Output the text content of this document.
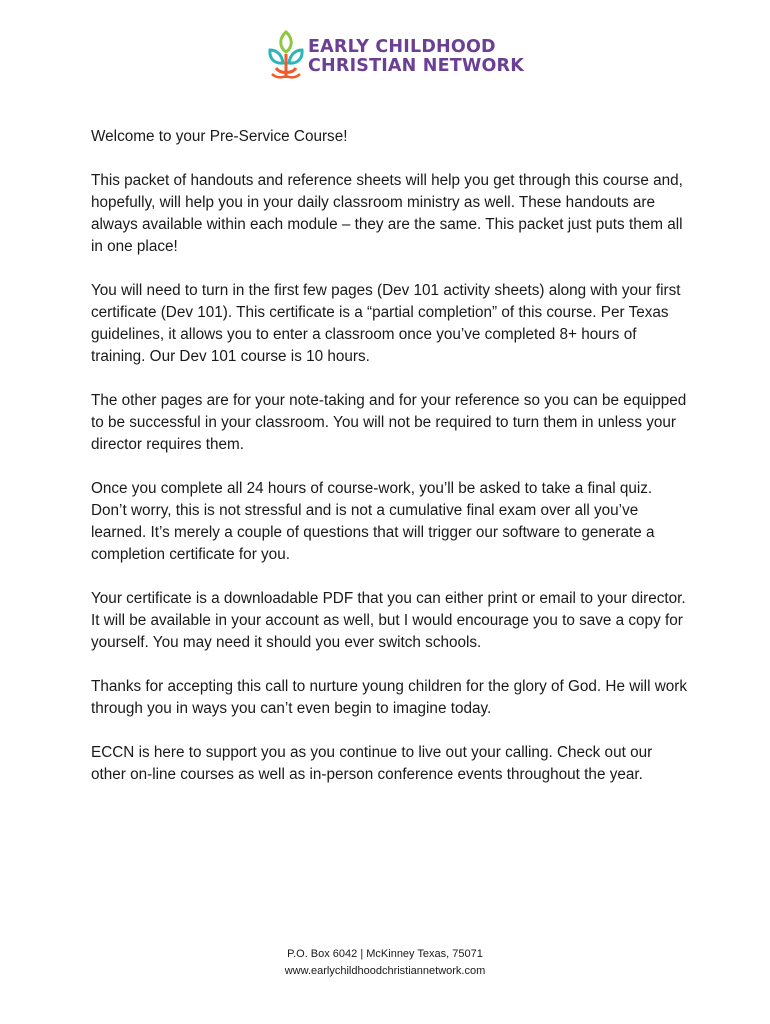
EARLY CHILDHOOD
CHRISTIAN NETWORK

Welcome to your Pre-Service Course!

This packet of handouts and reference sheets will help you get through this course and, hopefully, will help you in your daily classroom ministry as well. These handouts are always available within each module – they are the same. This packet just puts them all in one place!

You will need to turn in the first few pages (Dev 101 activity sheets) along with your first certificate (Dev 101). This certificate is a “partial completion” of this course. Per Texas guidelines, it allows you to enter a classroom once you’ve completed 8+ hours of training. Our Dev 101 course is 10 hours.

The other pages are for your note-taking and for your reference so you can be equipped to be successful in your classroom. You will not be required to turn them in unless your director requires them.

Once you complete all 24 hours of course-work, you’ll be asked to take a final quiz. Don’t worry, this is not stressful and is not a cumulative final exam over all you’ve learned. It’s merely a couple of questions that will trigger our software to generate a completion certificate for you.

Your certificate is a downloadable PDF that you can either print or email to your director. It will be available in your account as well, but I would encourage you to save a copy for yourself. You may need it should you ever switch schools.

Thanks for accepting this call to nurture young children for the glory of God. He will work through you in ways you can’t even begin to imagine today.

ECCN is here to support you as you continue to live out your calling. Check out our other on-line courses as well as in-person conference events throughout the year.

P.O. Box 6042 | McKinney Texas, 75071
www.earlychildhoodchristiannetwork.com
